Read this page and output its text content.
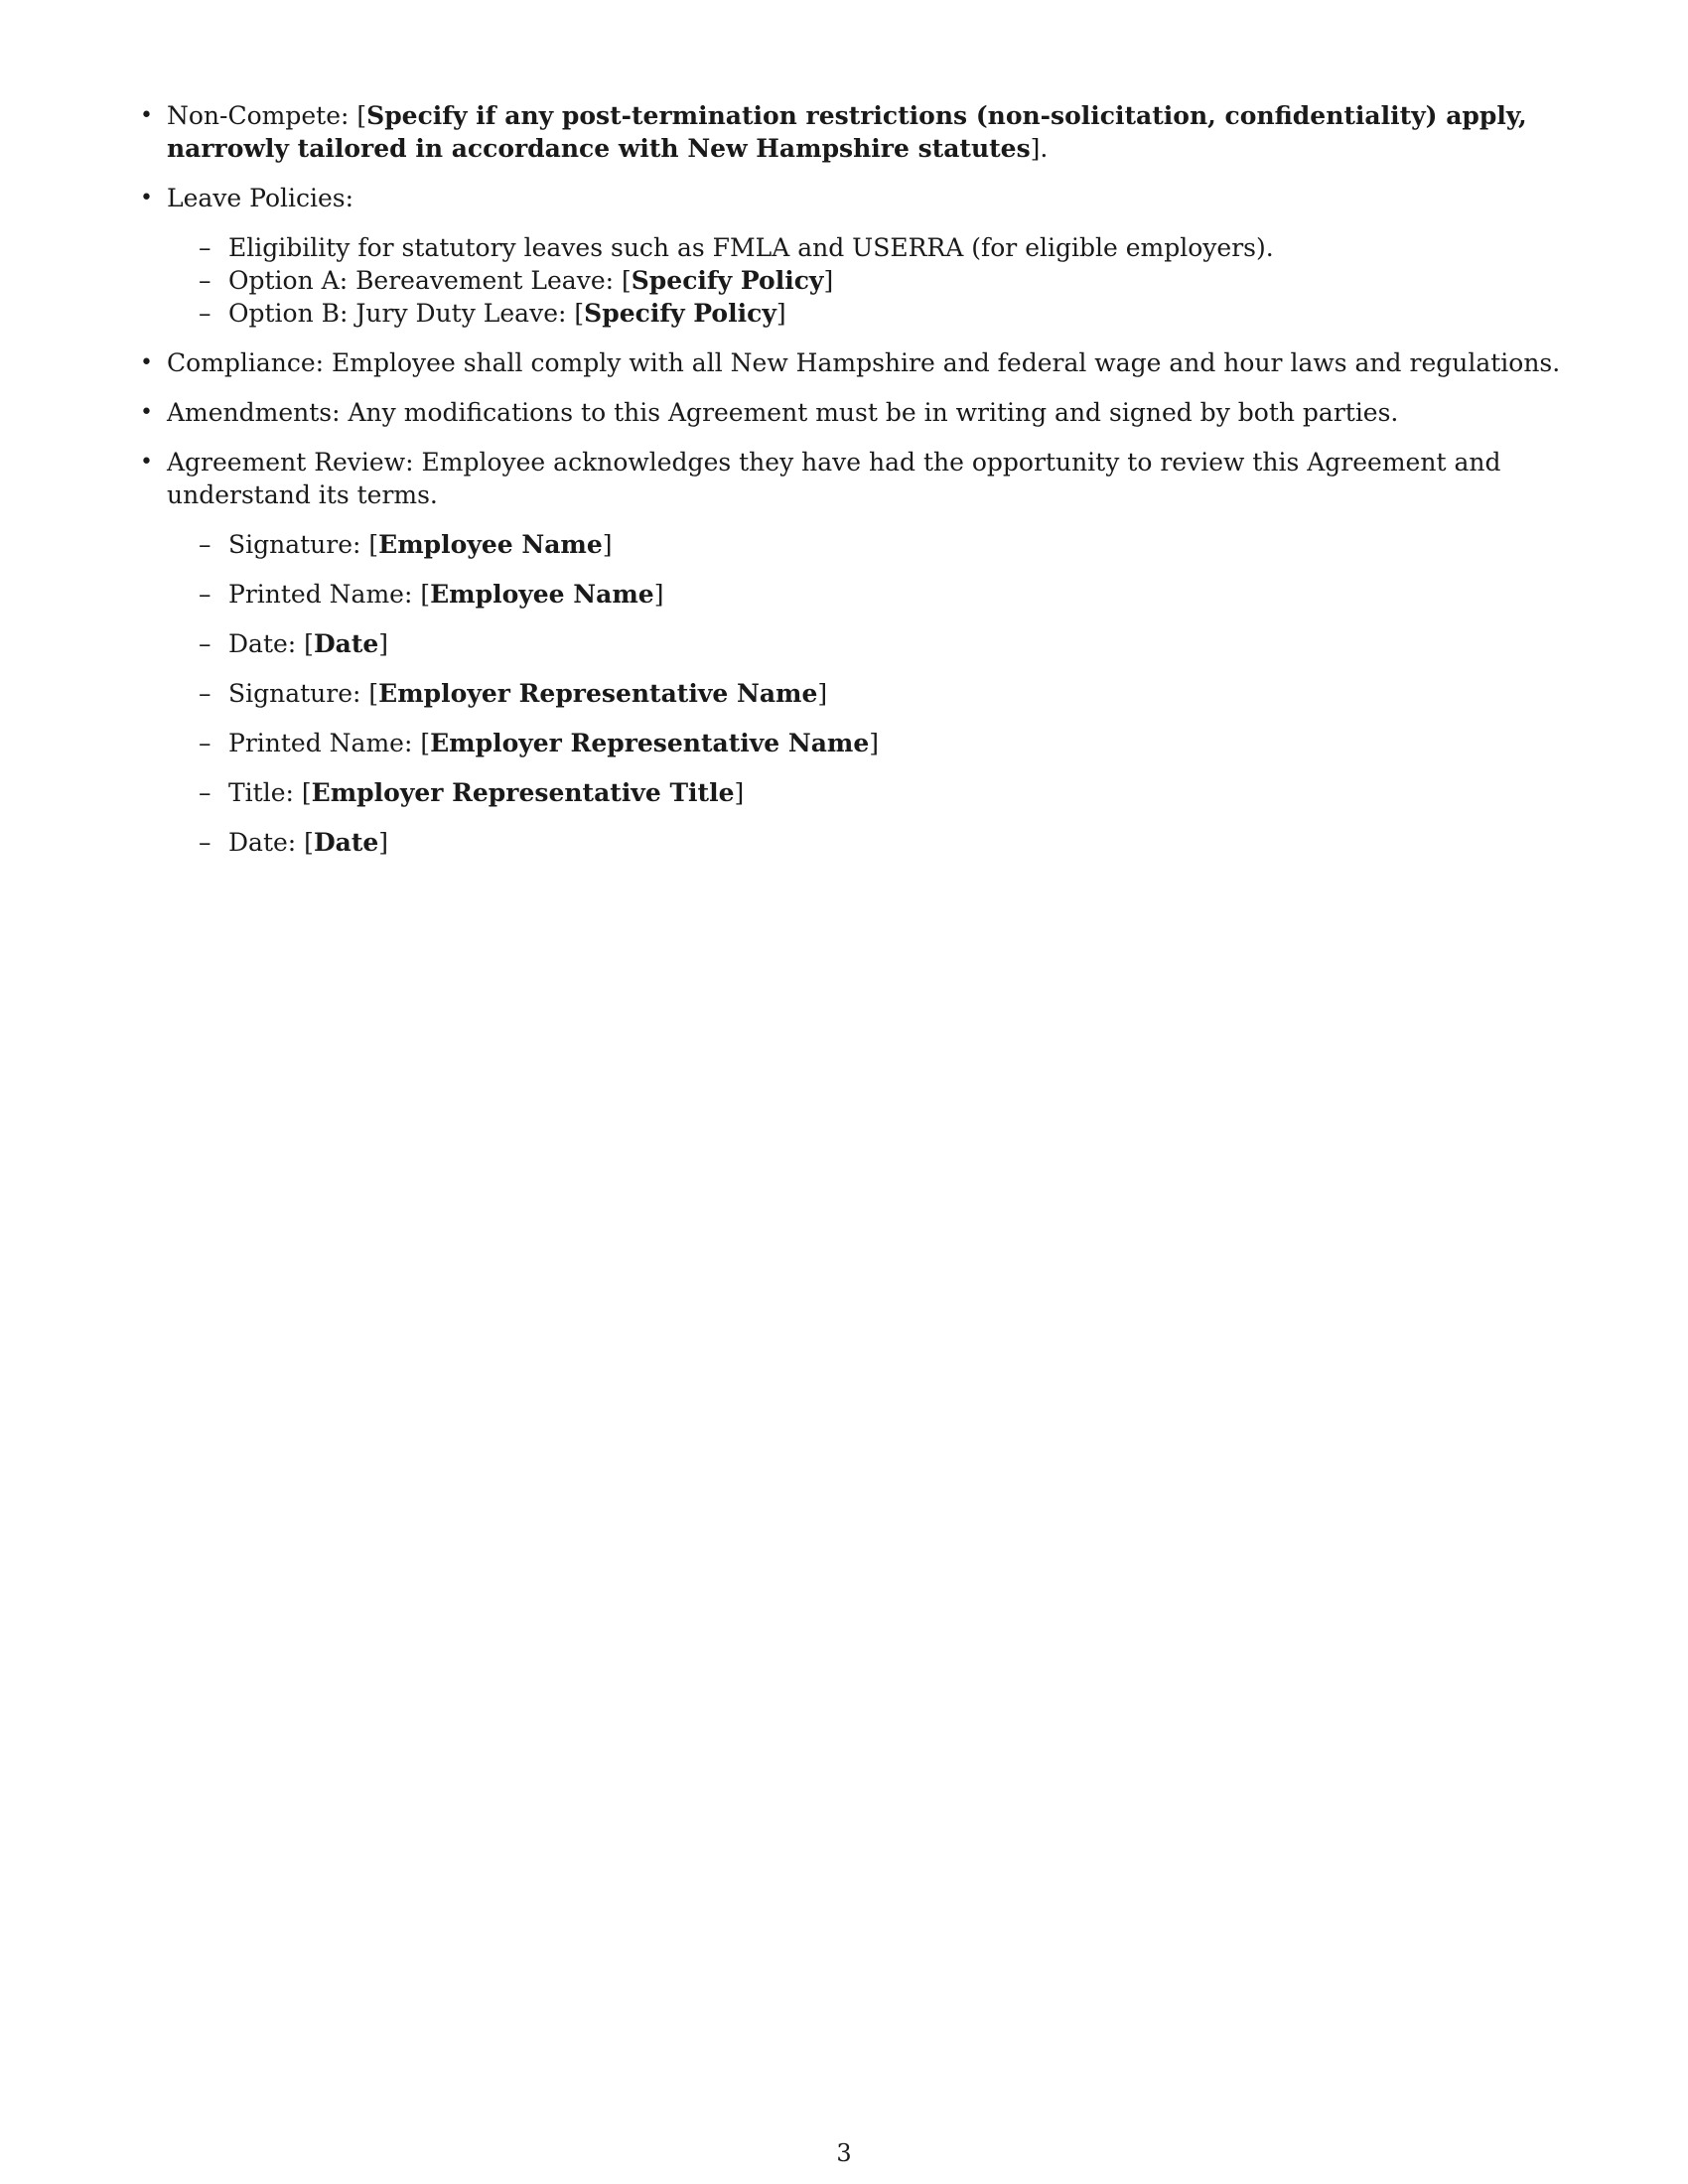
• Non-Compete: [Specify if any post-termination restrictions (non-solicitation, confidentiality) apply, narrowly tailored in accordance with New Hampshire statutes].
• Leave Policies:
– Eligibility for statutory leaves such as FMLA and USERRA (for eligible employers).
– Option A: Bereavement Leave: [Specify Policy]
– Option B: Jury Duty Leave: [Specify Policy]
• Compliance: Employee shall comply with all New Hampshire and federal wage and hour laws and regulations.
• Amendments: Any modifications to this Agreement must be in writing and signed by both parties.
• Agreement Review: Employee acknowledges they have had the opportunity to review this Agreement and understand its terms.
– Signature: [Employee Name]
– Printed Name: [Employee Name]
– Date: [Date]
– Signature: [Employer Representative Name]
– Printed Name: [Employer Representative Name]
– Title: [Employer Representative Title]
– Date: [Date]
3
